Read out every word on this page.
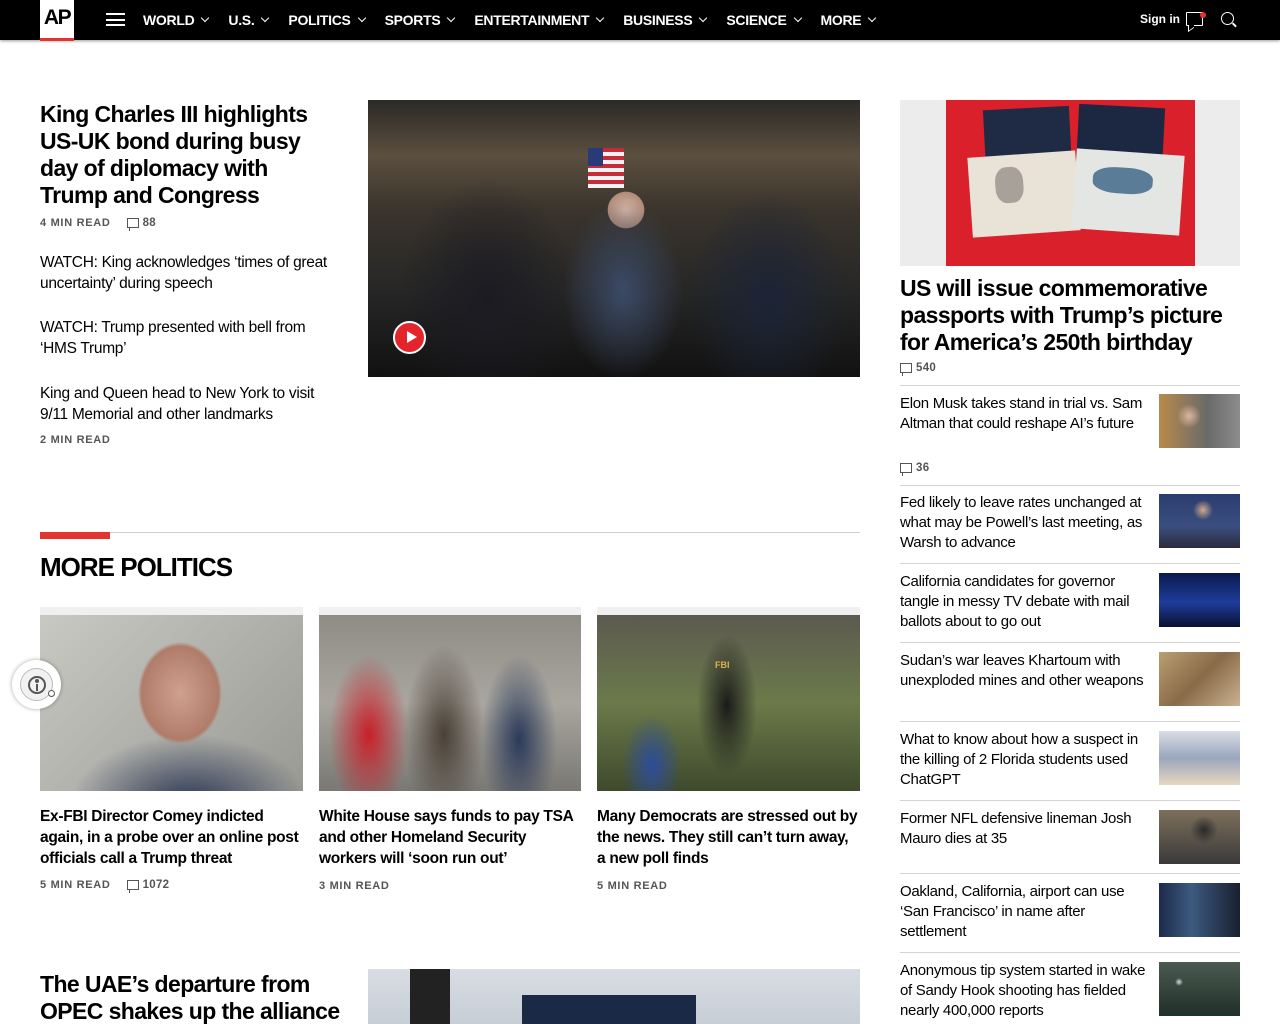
AP	WORLD U.S. POLITICS SPORTS ENTERTAINMENT BUSINESS SCIENCE MORE	Sign in
King Charles III highlights US-UK bond during busy day of diplomacy with Trump and Congress
4 MIN READ	88
WATCH: King acknowledges ‘times of great uncertainty’ during speech
WATCH: Trump presented with bell from ‘HMS Trump’
King and Queen head to New York to visit 9/11 Memorial and other landmarks
2 MIN READ
US will issue commemorative passports with Trump’s picture for America’s 250th birthday
540
Elon Musk takes stand in trial vs. Sam Altman that could reshape AI’s future
36
Fed likely to leave rates unchanged at what may be Powell’s last meeting, as Warsh to advance
California candidates for governor tangle in messy TV debate with mail ballots about to go out
Sudan’s war leaves Khartoum with unexploded mines and other weapons
What to know about how a suspect in the killing of 2 Florida students used ChatGPT
Former NFL defensive lineman Josh Mauro dies at 35
Oakland, California, airport can use ‘San Francisco’ in name after settlement
Anonymous tip system started in wake of Sandy Hook shooting has fielded nearly 400,000 reports
MORE POLITICS
FBI
Ex-FBI Director Comey indicted again, in a probe over an online post officials call a Trump threat
5 MIN READ	1072
White House says funds to pay TSA and other Homeland Security workers will ‘soon run out’
3 MIN READ
Many Democrats are stressed out by the news. They still can’t turn away, a new poll finds
5 MIN READ
The UAE’s departure from OPEC shakes up the alliance
